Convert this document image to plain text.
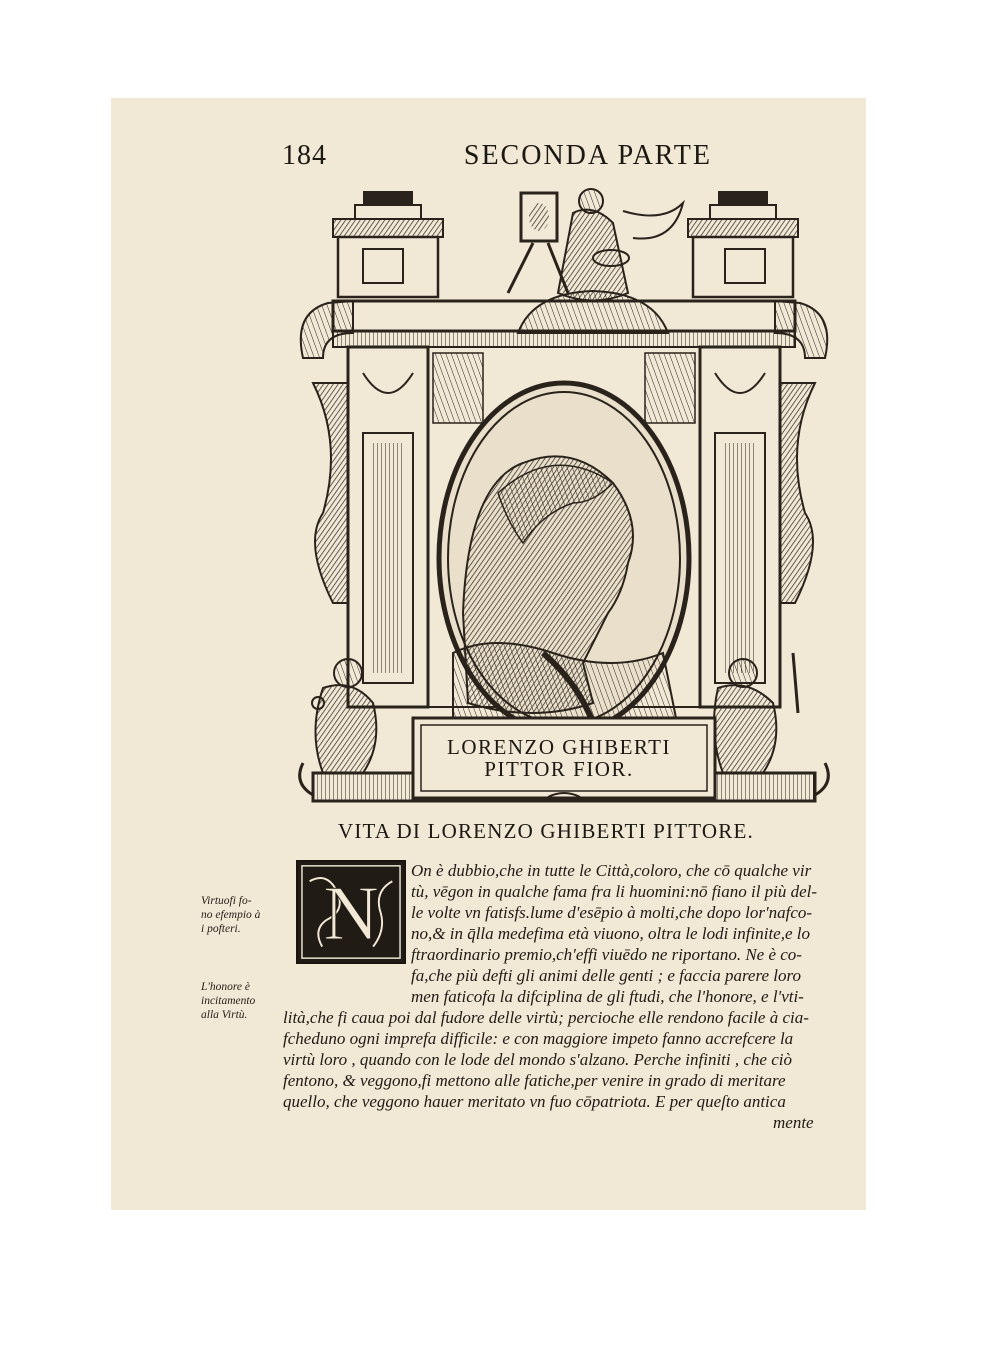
184	SECONDA PARTE
LORENZO GHIBERTI
PITTOR FIOR.
VITA DI LORENZO GHIBERTI PITTORE.
N On è dubbio,che in tutte le Città,coloro, che cō qualche vir
tù, vēgon in qualche fama fra li huomini:nō fiano il più del-
le volte vn fatisfs.lume d'esēpio à molti,che dopo lor'nafco-
no,& in q̄lla medefima età viuono, oltra le lodi infinite,e lo
ftraordinario premio,ch'effi viuēdo ne riportano. Ne è co-
fa,che più defti gli animi delle genti ; e faccia parere loro
men faticofa la difciplina de gli ftudi, che l'honore, e l'vti-
lità,che fi caua poi dal fudore delle virtù; percioche elle rendono facile à cia-
fcheduno ogni imprefa difficile: e con maggiore impeto fanno accrefcere la
virtù loro , quando con le lode del mondo s'alzano. Perche infiniti , che ciò
fentono, & veggono,fi mettono alle fatiche,per venire in grado di meritare
quello, che veggono hauer meritato vn fuo cōpatriota. E per queſto antica
mente
Virtuofi fo-
no efempio à
i pofteri.
L'honore è
incitamento
alla Virtù.
